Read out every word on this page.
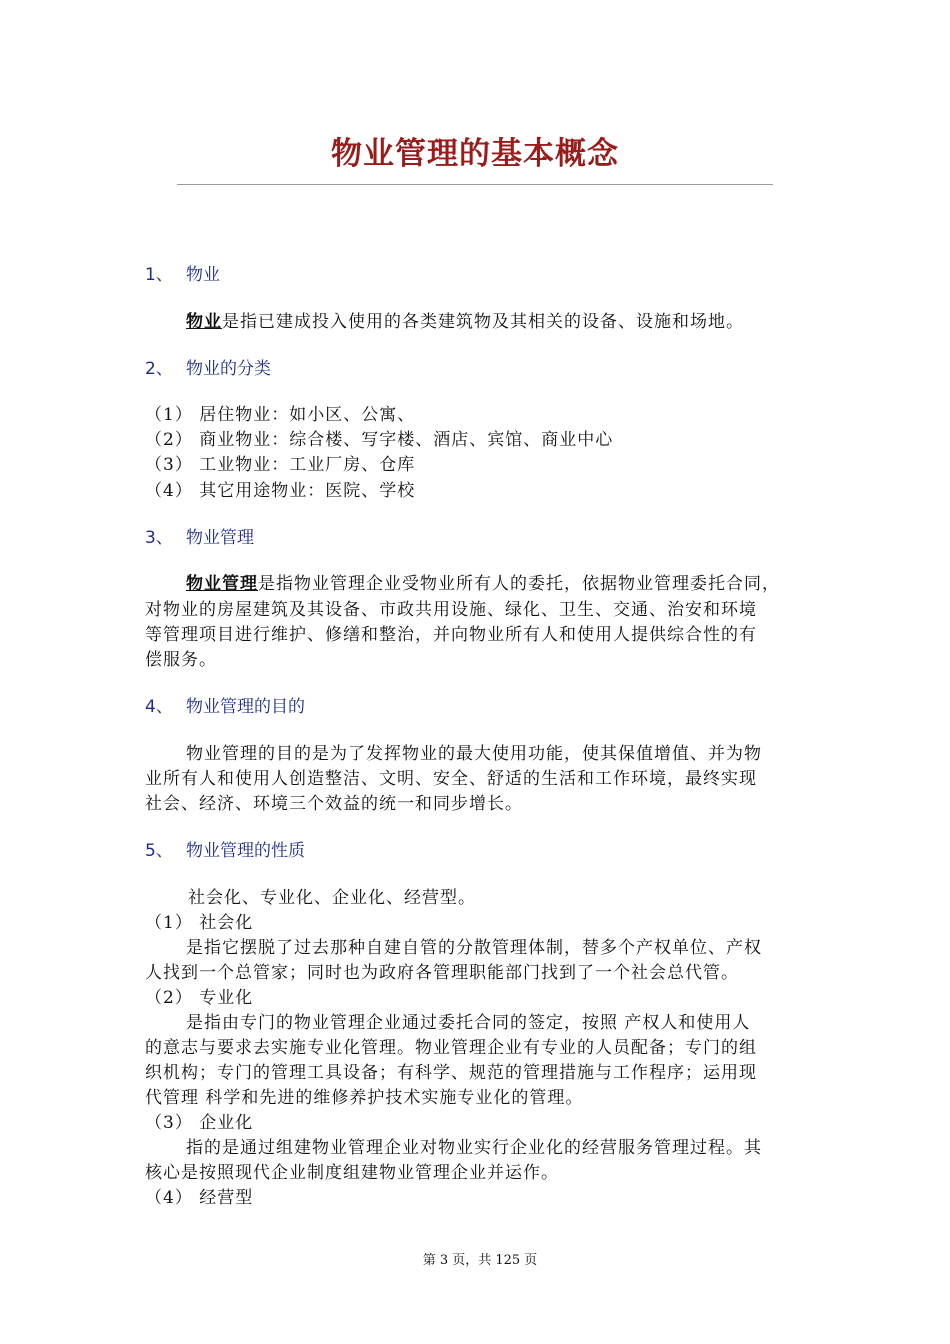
物业管理的基本概念
1、 物业
物业是指已建成投入使用的各类建筑物及其相关的设备、设施和场地。
2、 物业的分类
（1） 居住物业：如小区、公寓、
（2） 商业物业：综合楼、写字楼、酒店、宾馆、商业中心
（3） 工业物业：工业厂房、仓库
（4） 其它用途物业：医院、学校
3、 物业管理
物业管理是指物业管理企业受物业所有人的委托，依据物业管理委托合同，
对物业的房屋建筑及其设备、市政共用设施、绿化、卫生、交通、治安和环境
等管理项目进行维护、修缮和整治，并向物业所有人和使用人提供综合性的有
偿服务。
4、 物业管理的目的
物业管理的目的是为了发挥物业的最大使用功能，使其保值增值、并为物
业所有人和使用人创造整洁、文明、安全、舒适的生活和工作环境，最终实现
社会、经济、环境三个效益的统一和同步增长。
5、 物业管理的性质
社会化、专业化、企业化、经营型。
（1） 社会化
是指它摆脱了过去那种自建自管的分散管理体制，替多个产权单位、产权
人找到一个总管家；同时也为政府各管理职能部门找到了一个社会总代管。
（2） 专业化
是指由专门的物业管理企业通过委托合同的签定，按照 产权人和使用人
的意志与要求去实施专业化管理。物业管理企业有专业的人员配备；专门的组
织机构；专门的管理工具设备；有科学、规范的管理措施与工作程序；运用现
代管理 科学和先进的维修养护技术实施专业化的管理。
（3） 企业化
指的是通过组建物业管理企业对物业实行企业化的经营服务管理过程。其
核心是按照现代企业制度组建物业管理企业并运作。
（4） 经营型
第 3 页，共 125 页
